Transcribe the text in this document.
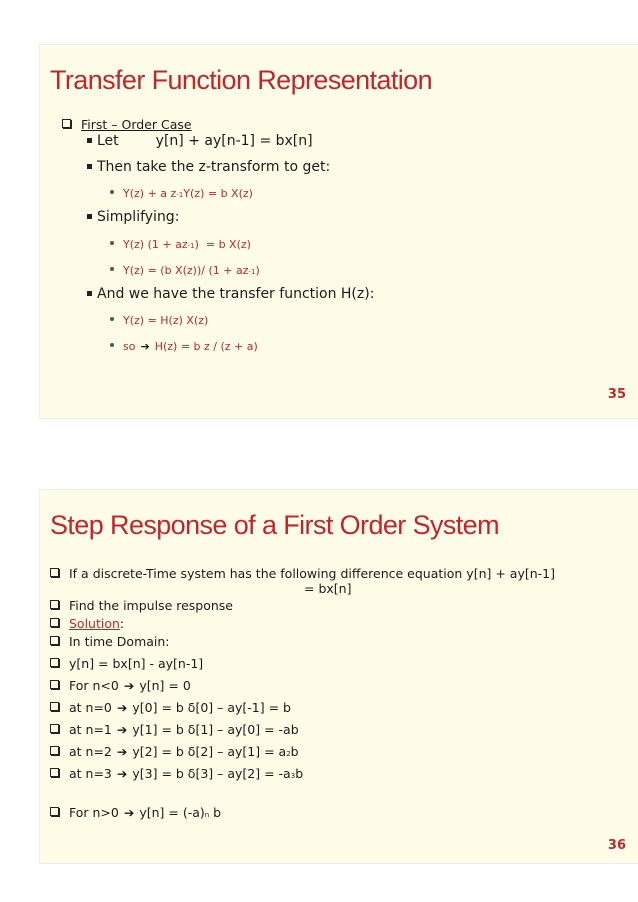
Transfer Function Representation
First – Order Case
Let	y[n] + ay[n-1] = bx[n]
Then take the z-transform to get:
Y(z) + a z -1 Y(z) = b X(z)
Simplifying:
Y(z) (1 + az -1 )  = b X(z)
Y(z) = (b X(z))/ (1 + az -1 )
And we have the transfer function H(z):
Y(z) = H(z) X(z)
so ➔ H(z) = b z / (z + a)
35
Step Response of a First Order System
If a discrete-Time system has the following difference equation y[n] + ay[n-1]
= bx[n]
Find the impulse response
Solution :
In time Domain:
y[n] = bx[n] - ay[n-1]
For n<0 ➔ y[n] = 0
at n=0 ➔ y[0] = b δ[0] – ay[-1] = b
at n=1 ➔ y[1] = b δ[1] – ay[0] = -ab
at n=2 ➔ y[2] = b δ[2] – ay[1] = a 2 b
at n=3 ➔ y[3] = b δ[3] – ay[2] = -a 3 b
For n>0 ➔ y[n] = (-a) n b
36
